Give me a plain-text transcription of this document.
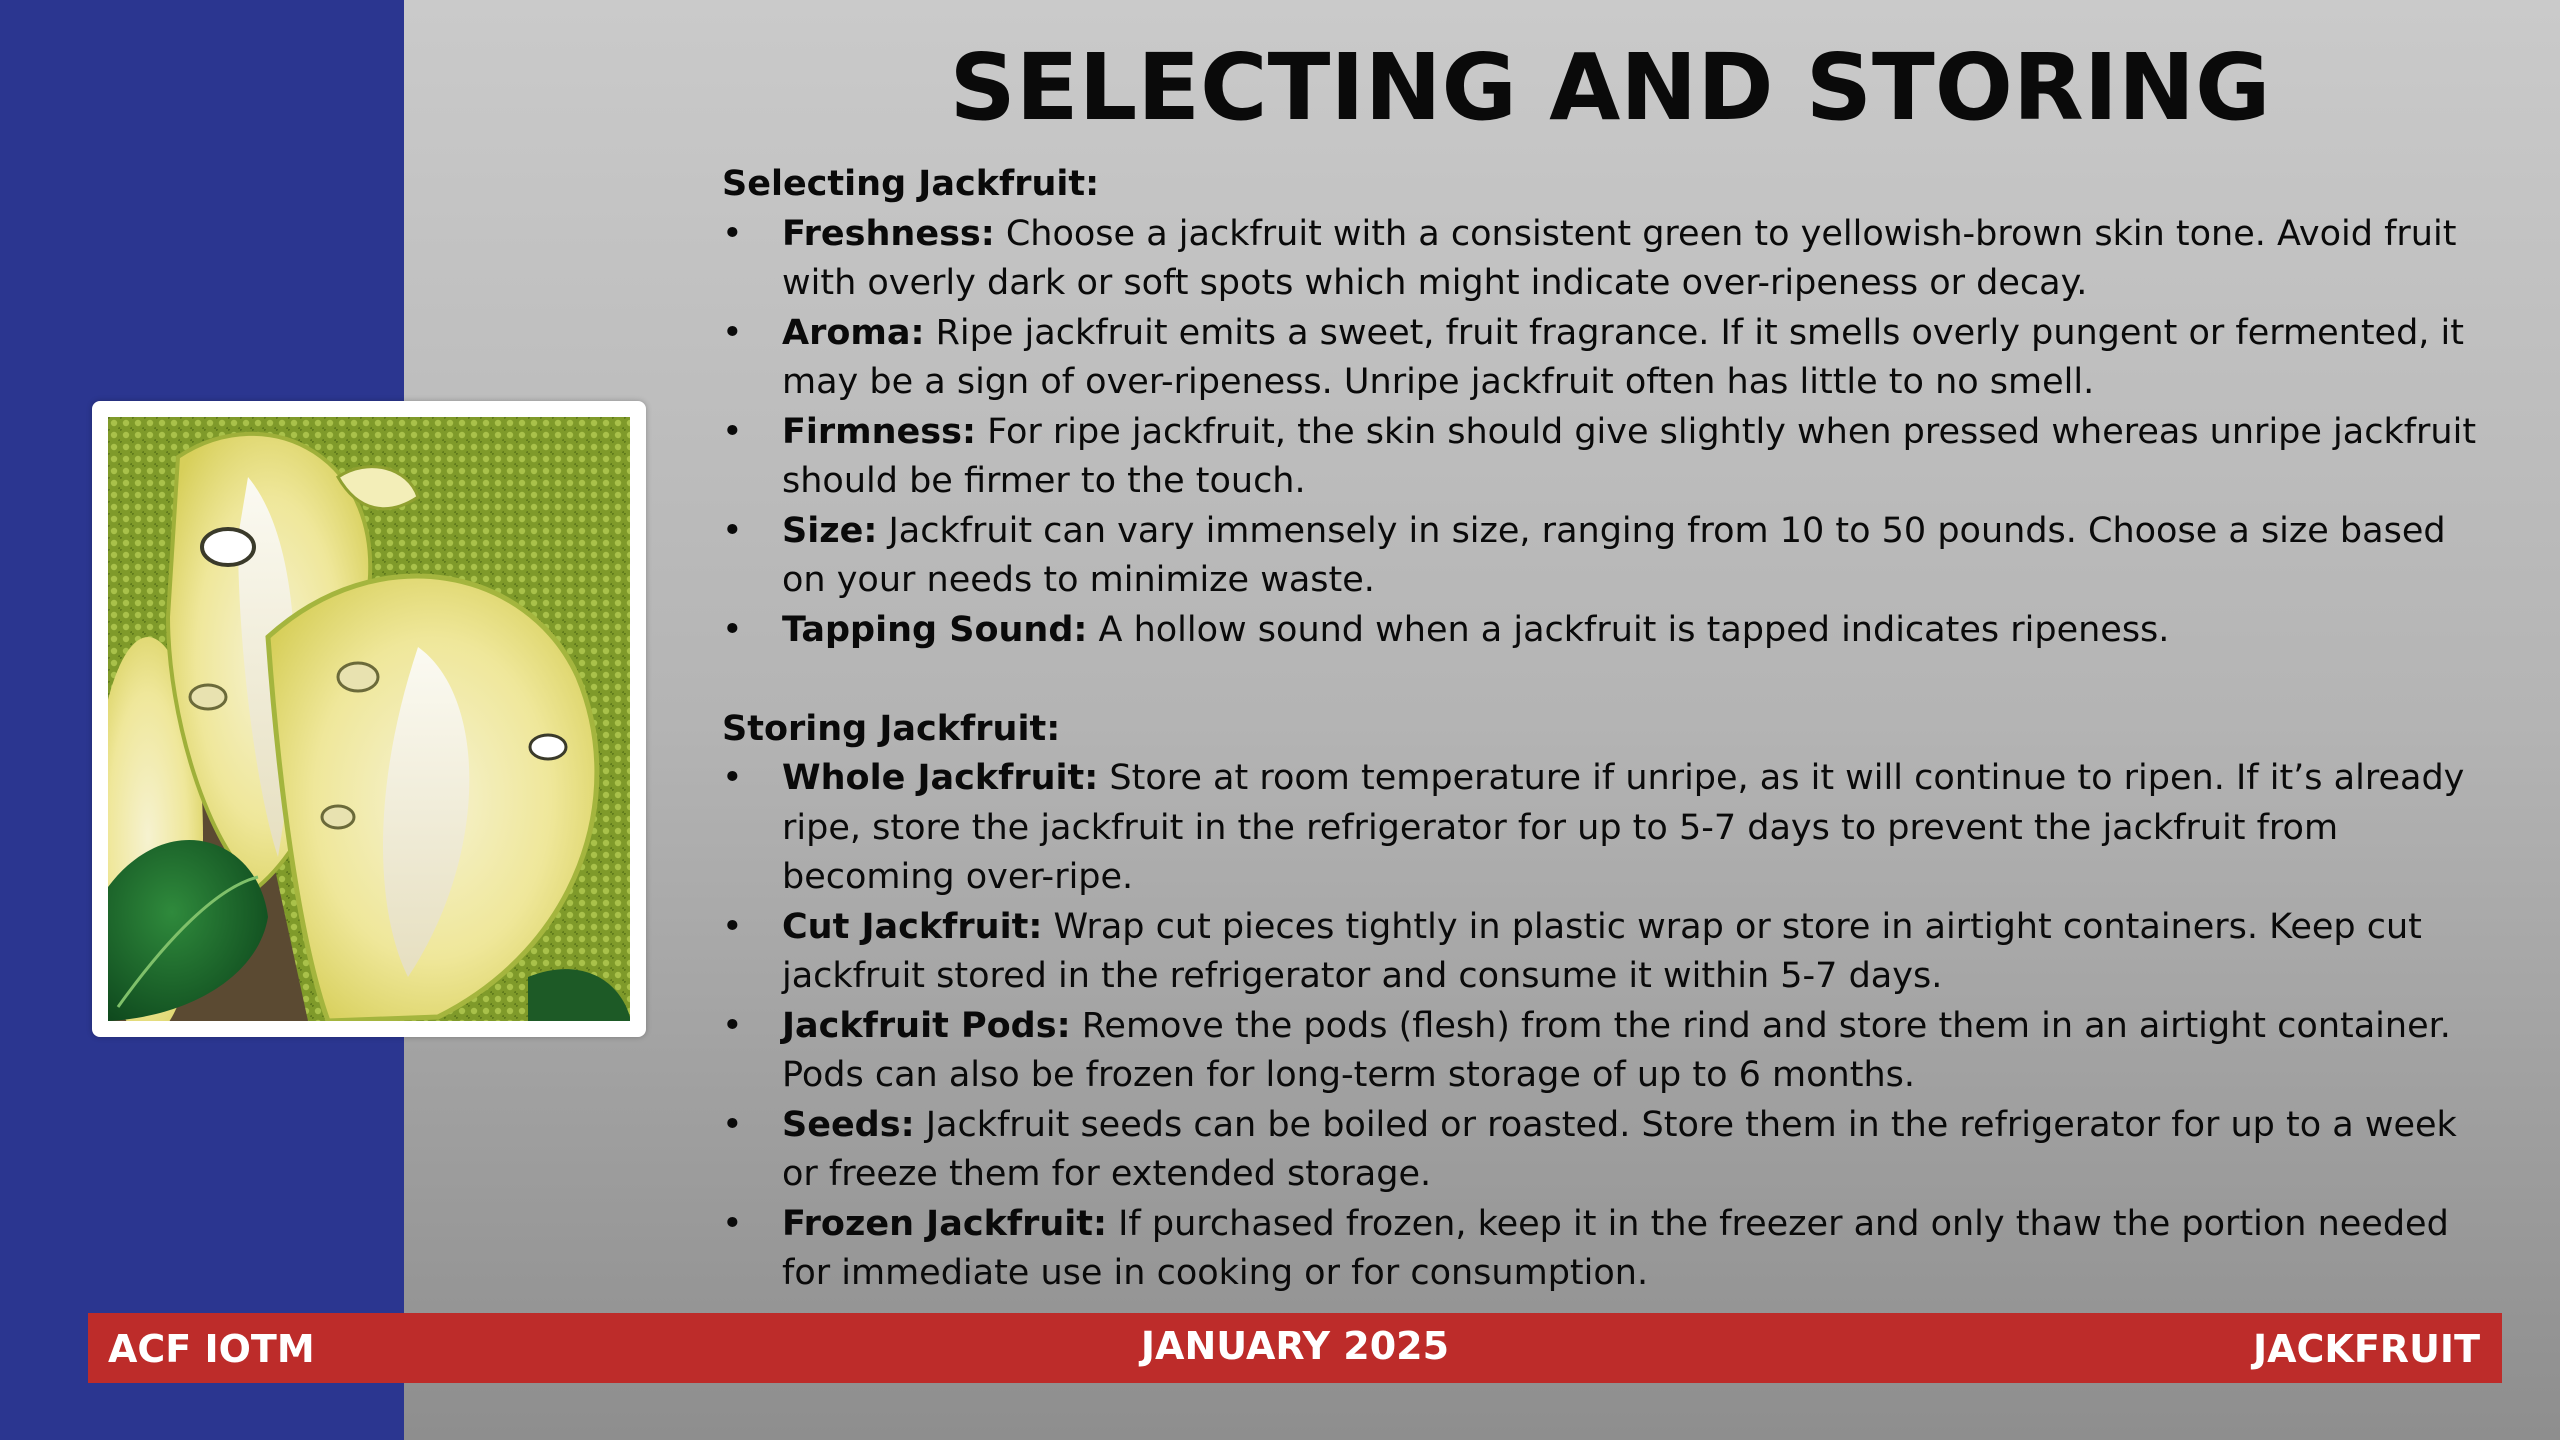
SELECTING AND STORING

Selecting Jackfruit:

• Freshness: Choose a jackfruit with a consistent green to yellowish-brown skin tone. Avoid fruit with overly dark or soft spots which might indicate over-ripeness or decay.
• Aroma: Ripe jackfruit emits a sweet, fruit fragrance. If it smells overly pungent or fermented, it may be a sign of over-ripeness. Unripe jackfruit often has little to no smell.
• Firmness: For ripe jackfruit, the skin should give slightly when pressed whereas unripe jackfruit should be firmer to the touch.
• Size: Jackfruit can vary immensely in size, ranging from 10 to 50 pounds. Choose a size based on your needs to minimize waste.
• Tapping Sound: A hollow sound when a jackfruit is tapped indicates ripeness.

Storing Jackfruit:

• Whole Jackfruit: Store at room temperature if unripe, as it will continue to ripen. If it’s already ripe, store the jackfruit in the refrigerator for up to 5-7 days to prevent the jackfruit from becoming over-ripe.
• Cut Jackfruit: Wrap cut pieces tightly in plastic wrap or store in airtight containers. Keep cut jackfruit stored in the refrigerator and consume it within 5-7 days.
• Jackfruit Pods: Remove the pods (flesh) from the rind and store them in an airtight container. Pods can also be frozen for long-term storage of up to 6 months.
• Seeds: Jackfruit seeds can be boiled or roasted. Store them in the refrigerator for up to a week or freeze them for extended storage.
• Frozen Jackfruit: If purchased frozen, keep it in the freezer and only thaw the portion needed for immediate use in cooking or for consumption.
ACF IOTM	JANUARY 2025	JACKFRUIT
